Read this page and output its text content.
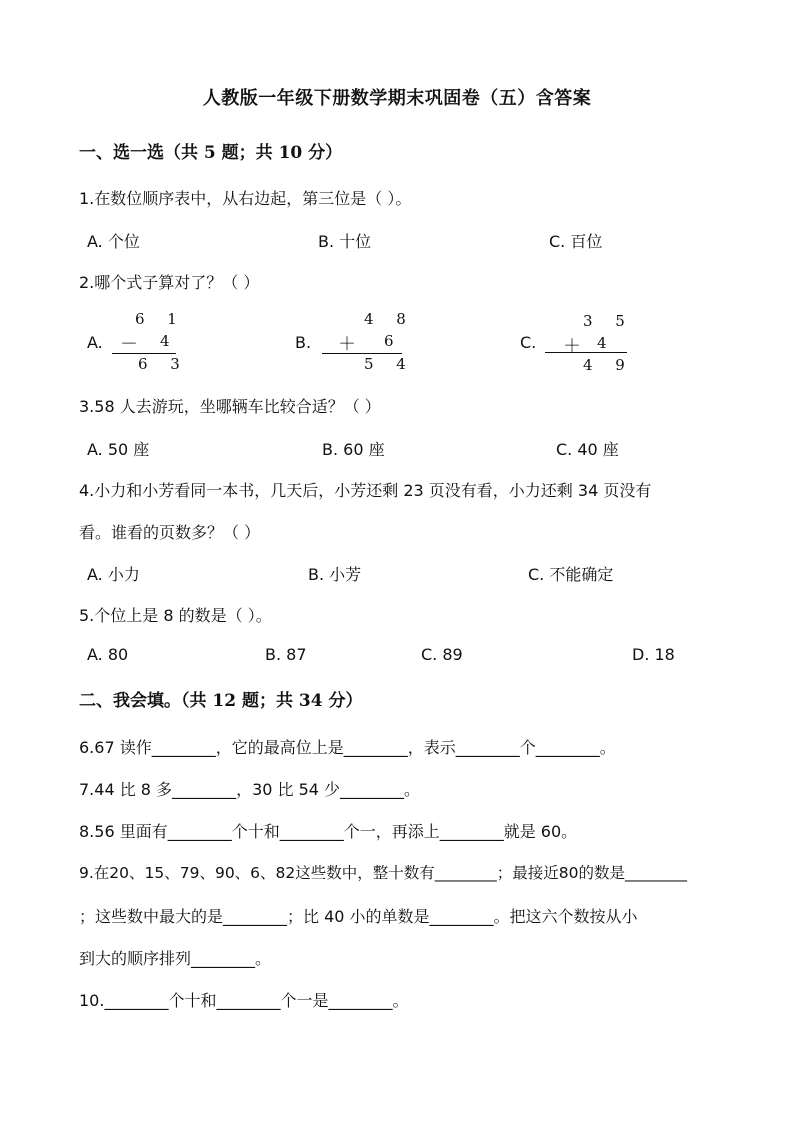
人教版一年级下册数学期末巩固卷（五）含答案
一、选一选（共 5 题；共 10 分）
1.在数位顺序表中，从右边起，第三位是（ ）。
A. 个位	B. 十位	C. 百位
2.哪个式子算对了？（ ）
A.
6 1
－ 4
6 3
B.
4 8
＋ 6
5 4
C.
3 5
＋ 4
4 9
3.58 人去游玩，坐哪辆车比较合适？（ ）
A. 50 座	B. 60 座	C. 40 座
4.小力和小芳看同一本书，几天后，小芳还剩 23 页没有看，小力还剩 34 页没有
看。谁看的页数多？（ ）
A. 小力	B. 小芳	C. 不能确定
5.个位上是 8 的数是（ ）。
A. 80	B. 87	C. 89	D. 18
二、我会填。（共 12 题；共 34 分）
6.67 读作________，它的最高位上是________，表示________个________。
7.44 比 8 多________，30 比 54 少________。
8.56 里面有________个十和________个一，再添上________就是 60。
9.在20、15、79、90、6、82这些数中，整十数有________；最接近80的数是________
；这些数中最大的是________；比 40 小的单数是________。把这六个数按从小
到大的顺序排列________。
10.________个十和________个一是________。
